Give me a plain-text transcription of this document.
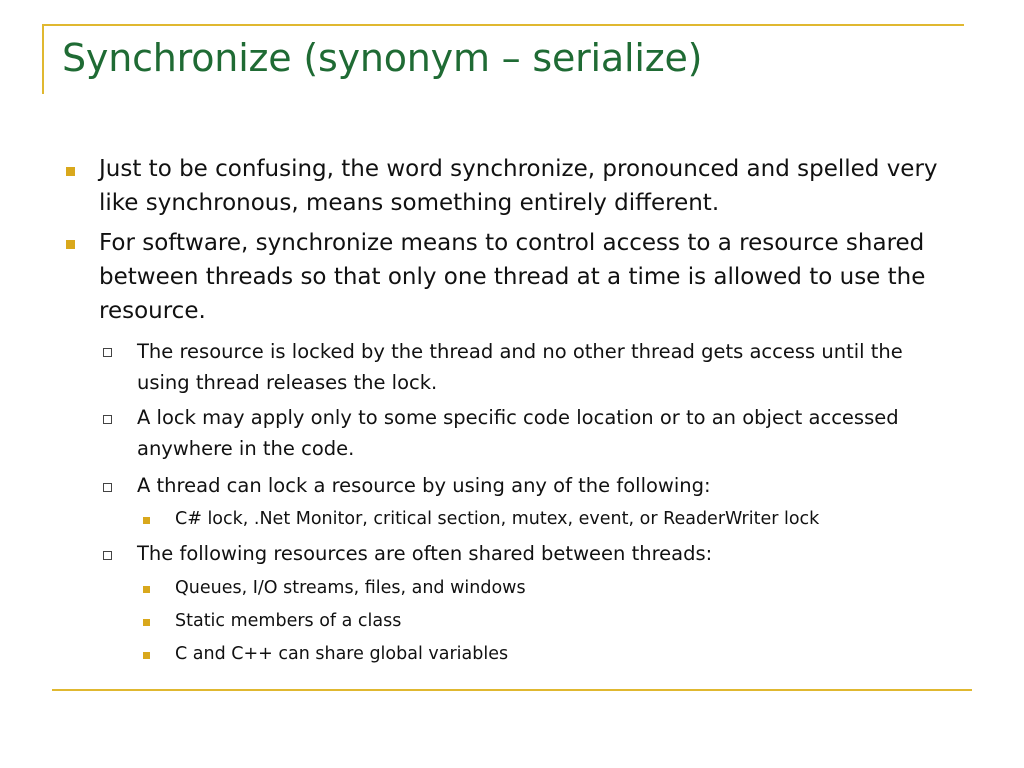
Synchronize (synonym – serialize)

Just to be confusing, the word synchronize, pronounced and spelled very like synchronous, means something entirely different.

For software, synchronize means to control access to a resource shared between threads so that only one thread at a time is allowed to use the resource.

The resource is locked by the thread and no other thread gets access until the using thread releases the lock.

A lock may apply only to some specific code location or to an object accessed anywhere in the code.

A thread can lock a resource by using any of the following:

C# lock, .Net Monitor, critical section, mutex, event, or ReaderWriter lock

The following resources are often shared between threads:

Queues, I/O streams, files, and windows

Static members of a class

C and C++ can share global variables
